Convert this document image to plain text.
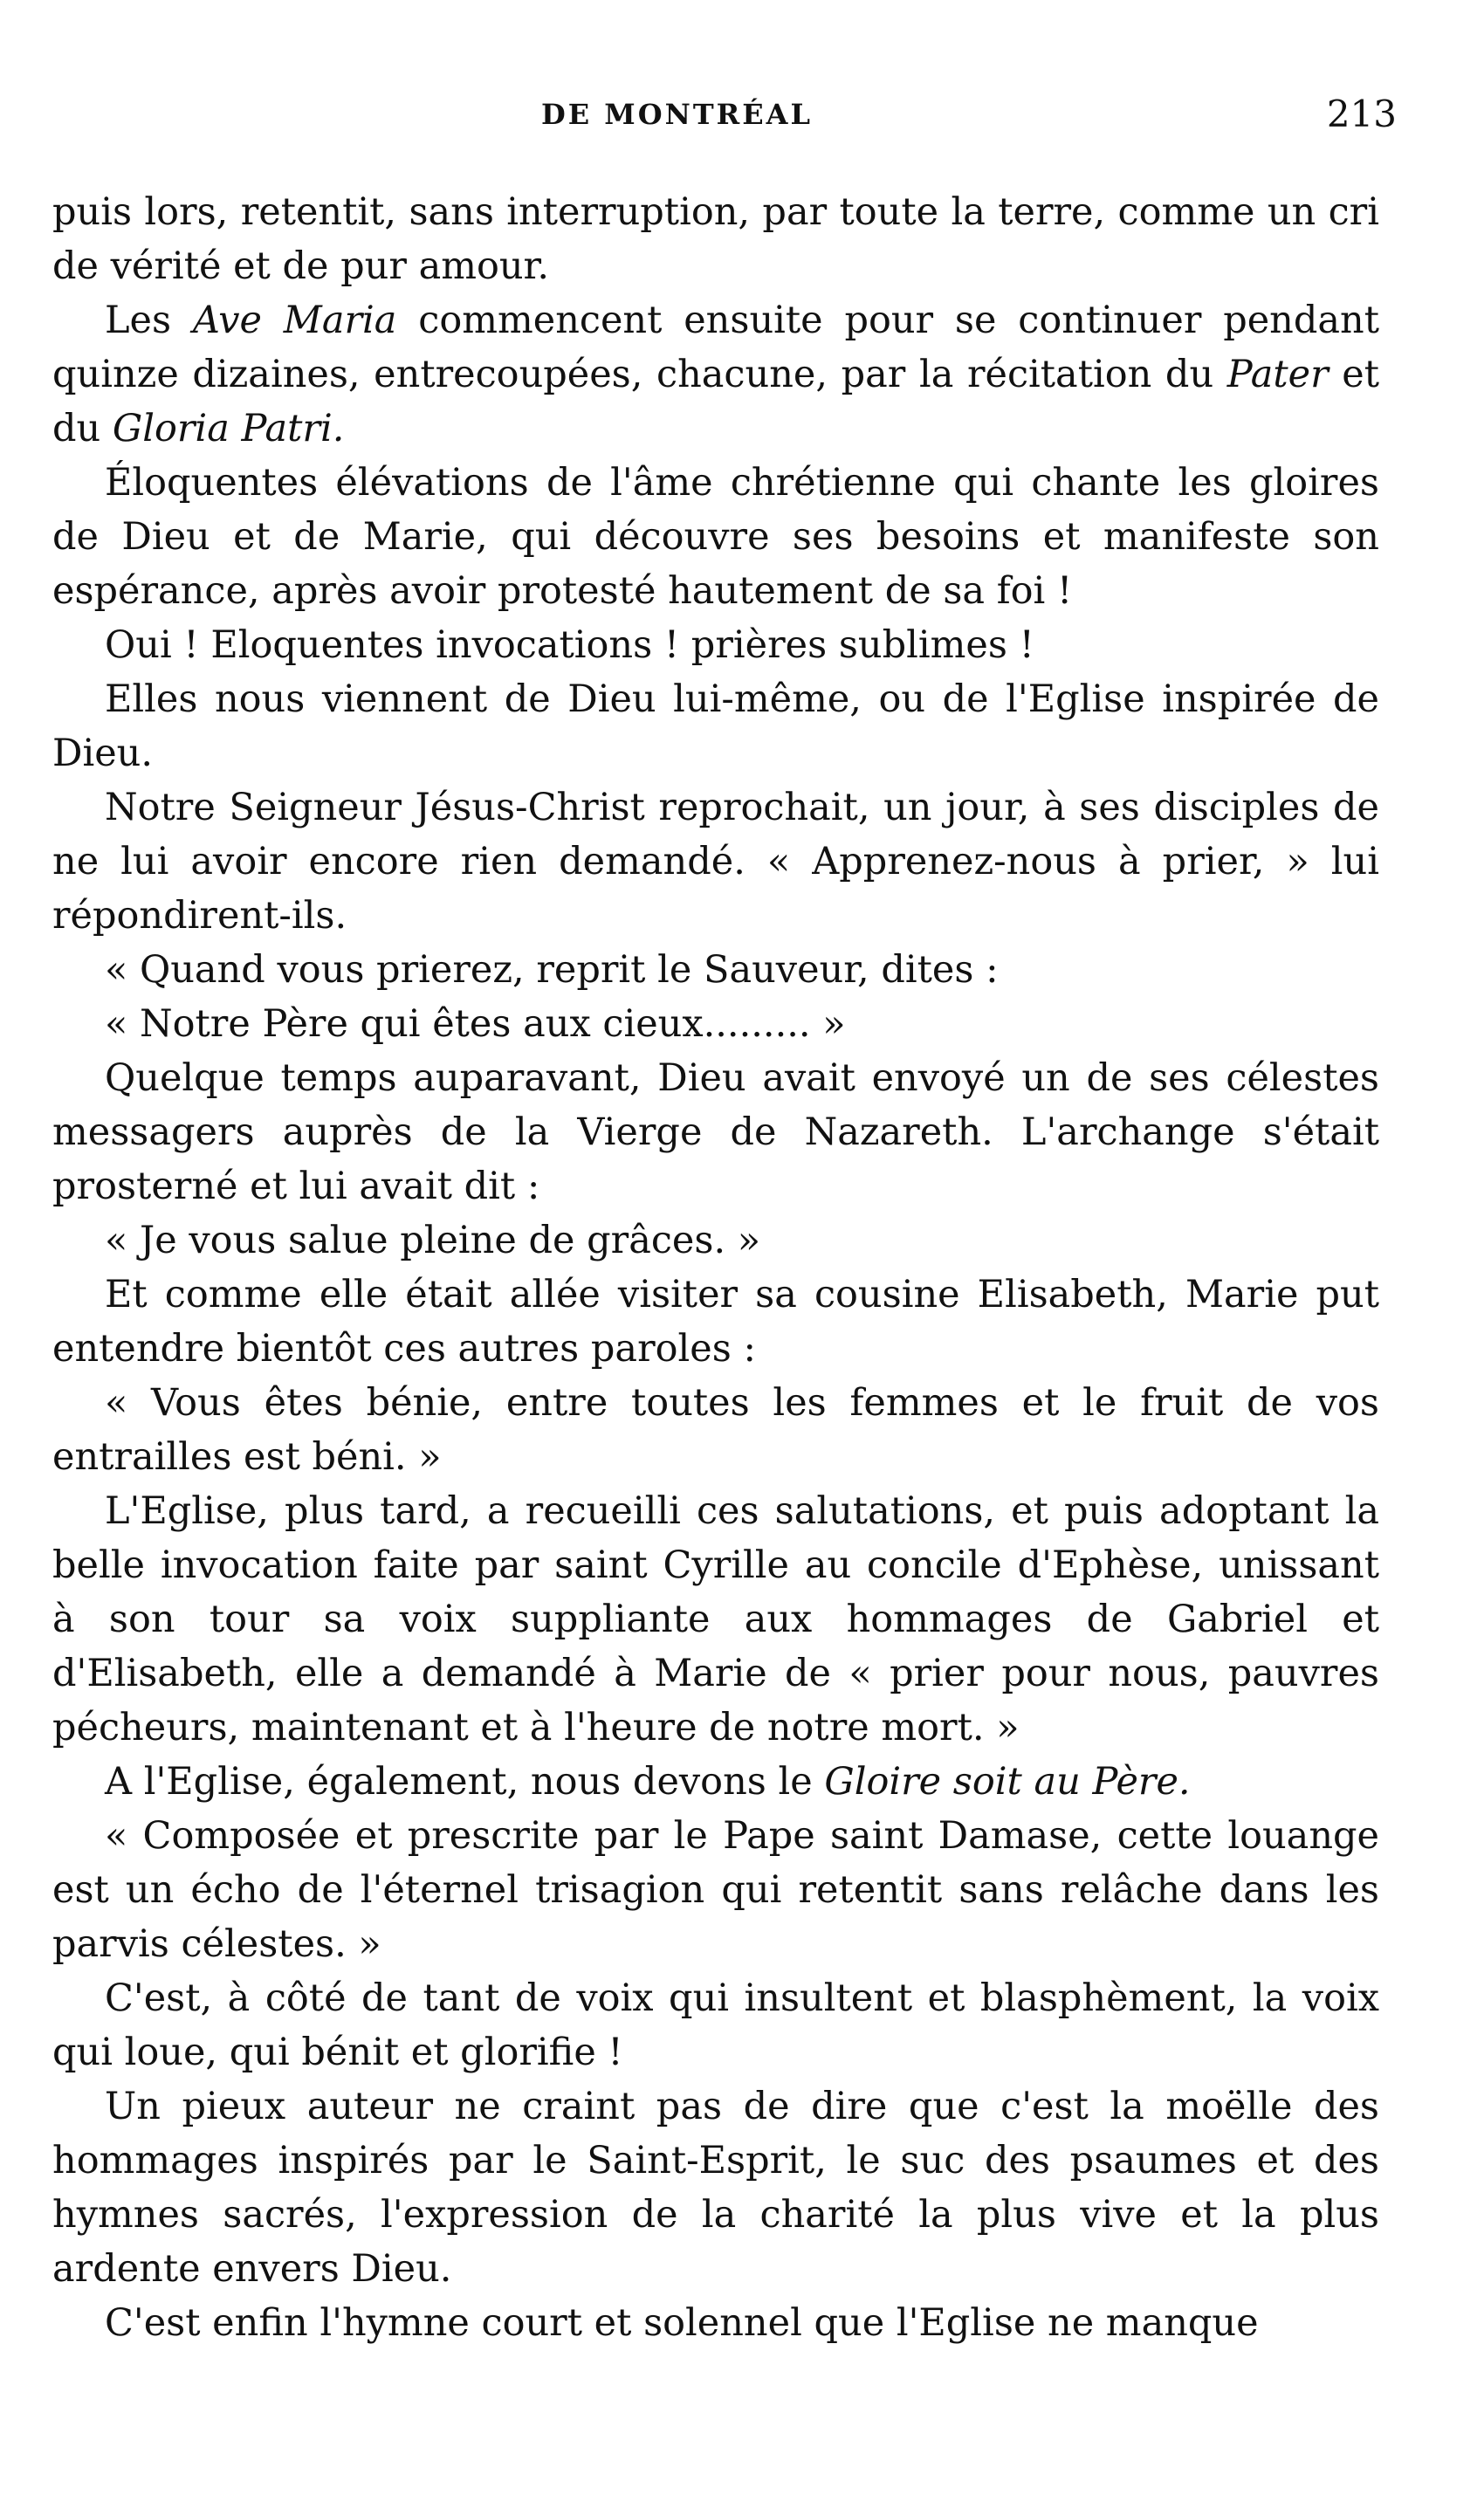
DE MONTRÉAL	213

puis lors, retentit, sans interruption, par toute la terre, comme un cri de vérité et de pur amour.

Les Ave Maria commencent ensuite pour se continuer pendant quinze dizaines, entrecoupées, chacune, par la récitation du Pater et du Gloria Patri.

Éloquentes élévations de l'âme chrétienne qui chante les gloires de Dieu et de Marie, qui découvre ses besoins et manifeste son espérance, après avoir protesté hautement de sa foi !

Oui ! Eloquentes invocations ! prières sublimes !

Elles nous viennent de Dieu lui-même, ou de l'Eglise inspirée de Dieu.

Notre Seigneur Jésus-Christ reprochait, un jour, à ses disciples de ne lui avoir encore rien demandé. « Apprenez-nous à prier, » lui répondirent-ils.

« Quand vous prierez, reprit le Sauveur, dites :

« Notre Père qui êtes aux cieux......... »

Quelque temps auparavant, Dieu avait envoyé un de ses célestes messagers auprès de la Vierge de Nazareth. L'archange s'était prosterné et lui avait dit :

« Je vous salue pleine de grâces. »

Et comme elle était allée visiter sa cousine Elisabeth, Marie put entendre bientôt ces autres paroles :

« Vous êtes bénie, entre toutes les femmes et le fruit de vos entrailles est béni. »

L'Eglise, plus tard, a recueilli ces salutations, et puis adoptant la belle invocation faite par saint Cyrille au concile d'Ephèse, unissant à son tour sa voix suppliante aux hommages de Gabriel et d'Elisabeth, elle a demandé à Marie de « prier pour nous, pauvres pécheurs, maintenant et à l'heure de notre mort. »

A l'Eglise, également, nous devons le Gloire soit au Père.

« Composée et prescrite par le Pape saint Damase, cette louange est un écho de l'éternel trisagion qui retentit sans relâche dans les parvis célestes. »

C'est, à côté de tant de voix qui insultent et blasphèment, la voix qui loue, qui bénit et glorifie !

Un pieux auteur ne craint pas de dire que c'est la moëlle des hommages inspirés par le Saint-Esprit, le suc des psaumes et des hymnes sacrés, l'expression de la charité la plus vive et la plus ardente envers Dieu.

C'est enfin l'hymne court et solennel que l'Eglise ne manque
